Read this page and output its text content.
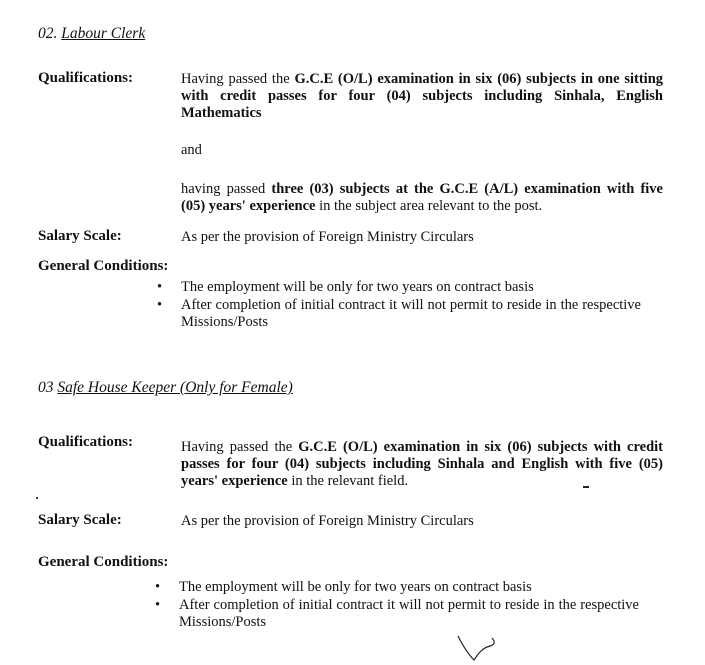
02. Labour Clerk
Qualifications:	Having passed the G.C.E (O/L) examination in six (06) subjects in one sitting with credit passes for four (04) subjects including Sinhala, English Mathematics
and
having passed three (03) subjects at the G.C.E (A/L) examination with five (05) years' experience in the subject area relevant to the post.
Salary Scale:	As per the provision of Foreign Ministry Circulars
General Conditions:
• The employment will be only for two years on contract basis
• After completion of initial contract it will not permit to reside in the respective Missions/Posts
03 Safe House Keeper (Only for Female)
Qualifications:	Having passed the G.C.E (O/L) examination in six (06) subjects with credit passes for four (04) subjects including Sinhala and English with five (05) years' experience in the relevant field.
Salary Scale:	As per the provision of Foreign Ministry Circulars
General Conditions:
• The employment will be only for two years on contract basis
• After completion of initial contract it will not permit to reside in the respective Missions/Posts
